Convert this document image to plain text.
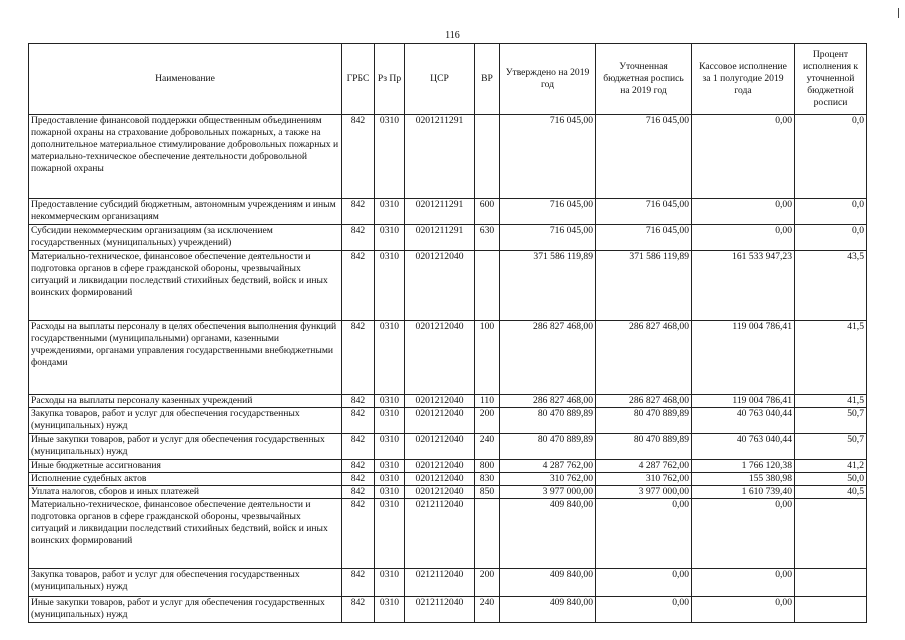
116
Наименование	ГРБС	Рз Пр	ЦСР	ВР	Утверждено на 2019 год	Уточненная бюджетная роспись на 2019 год	Кассовое исполнение за 1 полугодие 2019 года	Процент исполнения к уточненной бюджетной росписи
Предоставление финансовой поддержки общественным объединениям пожарной охраны на страхование добровольных пожарных, а также на дополнительное материальное стимулирование добровольных пожарных и материально-техническое обеспечение деятельности добровольной пожарной охраны	842	0310	0201211291		716 045,00	716 045,00	0,00	0,0
Предоставление субсидий бюджетным, автономным учреждениям и иным некоммерческим организациям	842	0310	0201211291	600	716 045,00	716 045,00	0,00	0,0
Субсидии некоммерческим организациям (за исключением государственных (муниципальных) учреждений)	842	0310	0201211291	630	716 045,00	716 045,00	0,00	0,0
Материально-техническое, финансовое обеспечение деятельности и подготовка органов в сфере гражданской обороны, чрезвычайных ситуаций и ликвидации последствий стихийных бедствий, войск и иных воинских формирований	842	0310	0201212040		371 586 119,89	371 586 119,89	161 533 947,23	43,5
Расходы на выплаты персоналу в целях обеспечения выполнения функций государственными (муниципальными) органами, казенными учреждениями, органами управления государственными внебюджетными фондами	842	0310	0201212040	100	286 827 468,00	286 827 468,00	119 004 786,41	41,5
Расходы на выплаты персоналу казенных учреждений	842	0310	0201212040	110	286 827 468,00	286 827 468,00	119 004 786,41	41,5
Закупка товаров, работ и услуг для обеспечения государственных (муниципальных) нужд	842	0310	0201212040	200	80 470 889,89	80 470 889,89	40 763 040,44	50,7
Иные закупки товаров, работ и услуг для обеспечения государственных (муниципальных) нужд	842	0310	0201212040	240	80 470 889,89	80 470 889,89	40 763 040,44	50,7
Иные бюджетные ассигнования	842	0310	0201212040	800	4 287 762,00	4 287 762,00	1 766 120,38	41,2
Исполнение судебных актов	842	0310	0201212040	830	310 762,00	310 762,00	155 380,98	50,0
Уплата налогов, сборов и иных платежей	842	0310	0201212040	850	3 977 000,00	3 977 000,00	1 610 739,40	40,5
Материально-техническое, финансовое обеспечение деятельности и подготовка органов в сфере гражданской обороны, чрезвычайных ситуаций и ликвидации последствий стихийных бедствий, войск и иных воинских формирований	842	0310	0212112040		409 840,00	0,00	0,00	
Закупка товаров, работ и услуг для обеспечения государственных (муниципальных) нужд	842	0310	0212112040	200	409 840,00	0,00	0,00	
Иные закупки товаров, работ и услуг для обеспечения государственных (муниципальных) нужд	842	0310	0212112040	240	409 840,00	0,00	0,00	
